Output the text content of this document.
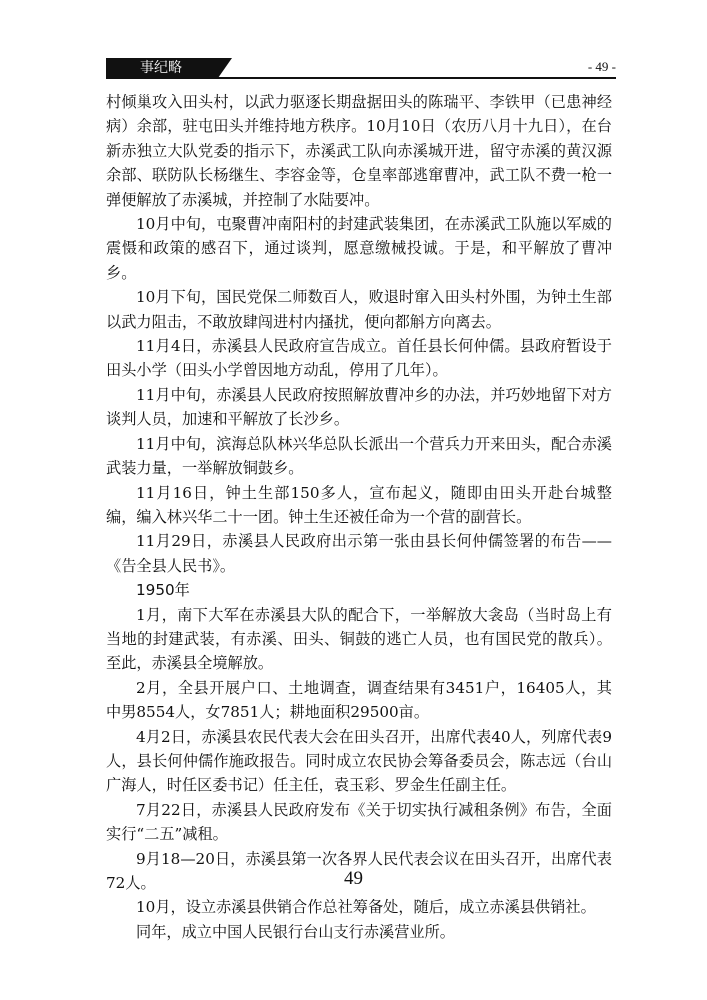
事纪略	- 49 -

村倾巢攻入田头村，以武力驱逐长期盘据田头的陈瑞平、李铁甲（已患神经病）余部，驻屯田头并维持地方秩序。10月10日（农历八月十九日），在台新赤独立大队党委的指示下，赤溪武工队向赤溪城开进，留守赤溪的黄汉源余部、联防队长杨继生、李容金等，仓皇率部逃窜曹冲，武工队不费一枪一弹便解放了赤溪城，并控制了水陆要冲。

10月中旬，屯聚曹冲南阳村的封建武装集团，在赤溪武工队施以军威的震慑和政策的感召下，通过谈判，愿意缴械投诚。于是，和平解放了曹冲乡。

10月下旬，国民党保二师数百人，败退时窜入田头村外围，为钟土生部以武力阻击，不敢放肆闯进村内搔扰，便向都斛方向离去。

11月4日，赤溪县人民政府宣告成立。首任县长何仲儒。县政府暂设于田头小学（田头小学曾因地方动乱，停用了几年）。

11月中旬，赤溪县人民政府按照解放曹冲乡的办法，并巧妙地留下对方谈判人员，加速和平解放了长沙乡。

11月中旬，滨海总队林兴华总队长派出一个营兵力开来田头，配合赤溪武装力量，一举解放铜鼓乡。

11月16日，钟土生部150多人，宣布起义，随即由田头开赴台城整编，编入林兴华二十一团。钟土生还被任命为一个营的副营长。

11月29日，赤溪县人民政府出示第一张由县长何仲儒签署的布告——《告全县人民书》。

1950年

1月，南下大军在赤溪县大队的配合下，一举解放大衾岛（当时岛上有当地的封建武装，有赤溪、田头、铜鼓的逃亡人员，也有国民党的散兵）。至此，赤溪县全境解放。

2月，全县开展户口、土地调查，调查结果有3451户，16405人，其中男8554人，女7851人；耕地面积29500亩。

4月2日，赤溪县农民代表大会在田头召开，出席代表40人，列席代表9人，县长何仲儒作施政报告。同时成立农民协会筹备委员会，陈志远（台山广海人，时任区委书记）任主任，袁玉彩、罗金生任副主任。

7月22日，赤溪县人民政府发布《关于切实执行减租条例》布告，全面实行“二五”减租。

9月18—20日，赤溪县第一次各界人民代表会议在田头召开，出席代表72人。

10月，设立赤溪县供销合作总社筹备处，随后，成立赤溪县供销社。

同年，成立中国人民银行台山支行赤溪营业所。

49
